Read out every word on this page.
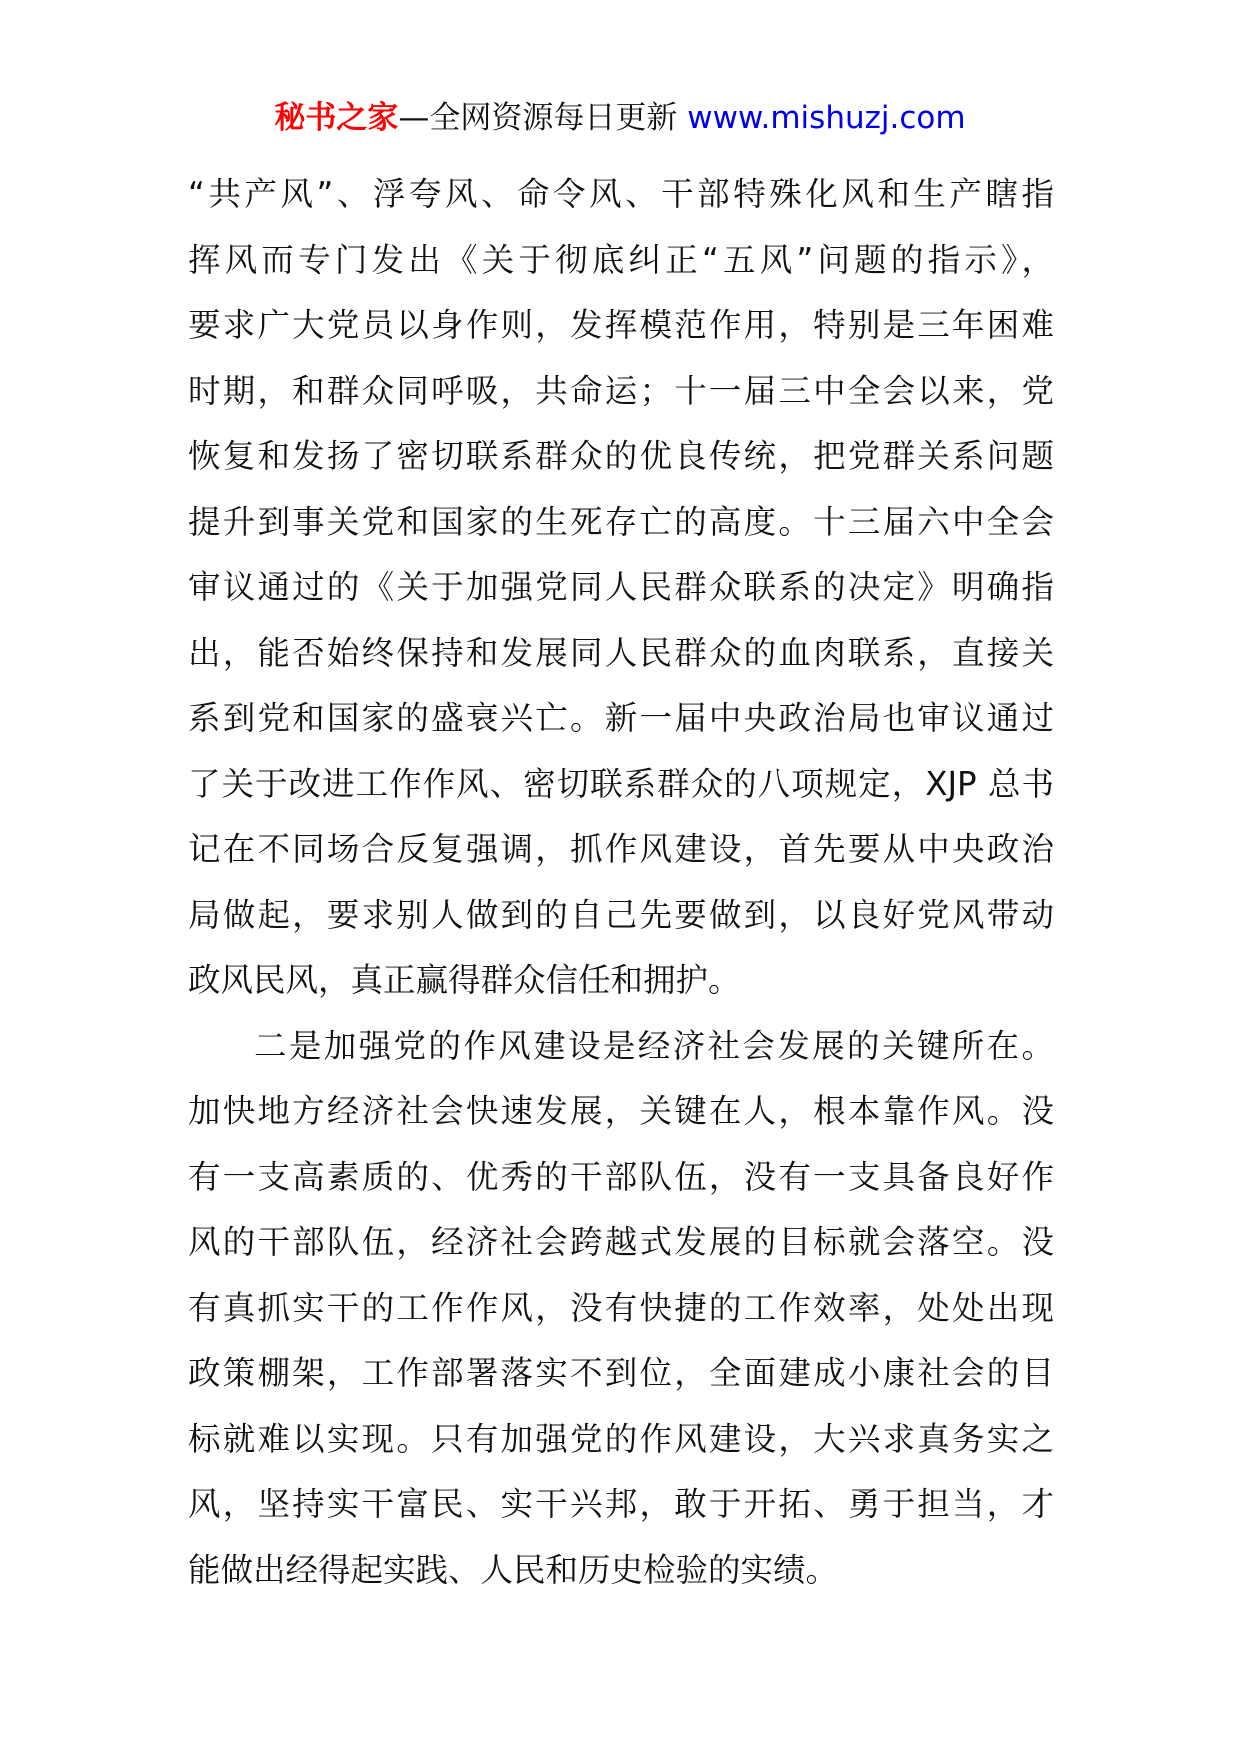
秘书之家—全网资源每日更新 www.mishuzj.com
“共产风”、浮夸风、命令风、干部特殊化风和生产瞎指
挥风而专门发出《关于彻底纠正“五风”问题的指示》，
要求广大党员以身作则，发挥模范作用，特别是三年困难
时期，和群众同呼吸，共命运；十一届三中全会以来，党
恢复和发扬了密切联系群众的优良传统，把党群关系问题
提升到事关党和国家的生死存亡的高度。十三届六中全会
审议通过的《关于加强党同人民群众联系的决定》明确指
出，能否始终保持和发展同人民群众的血肉联系，直接关
系到党和国家的盛衰兴亡。新一届中央政治局也审议通过
了关于改进工作作风、密切联系群众的八项规定，XJP 总书
记在不同场合反复强调，抓作风建设，首先要从中央政治
局做起，要求别人做到的自己先要做到，以良好党风带动
政风民风，真正赢得群众信任和拥护。
二是加强党的作风建设是经济社会发展的关键所在。
加快地方经济社会快速发展，关键在人，根本靠作风。没
有一支高素质的、优秀的干部队伍，没有一支具备良好作
风的干部队伍，经济社会跨越式发展的目标就会落空。没
有真抓实干的工作作风，没有快捷的工作效率，处处出现
政策棚架，工作部署落实不到位，全面建成小康社会的目
标就难以实现。只有加强党的作风建设，大兴求真务实之
风，坚持实干富民、实干兴邦，敢于开拓、勇于担当，才
能做出经得起实践、人民和历史检验的实绩。
